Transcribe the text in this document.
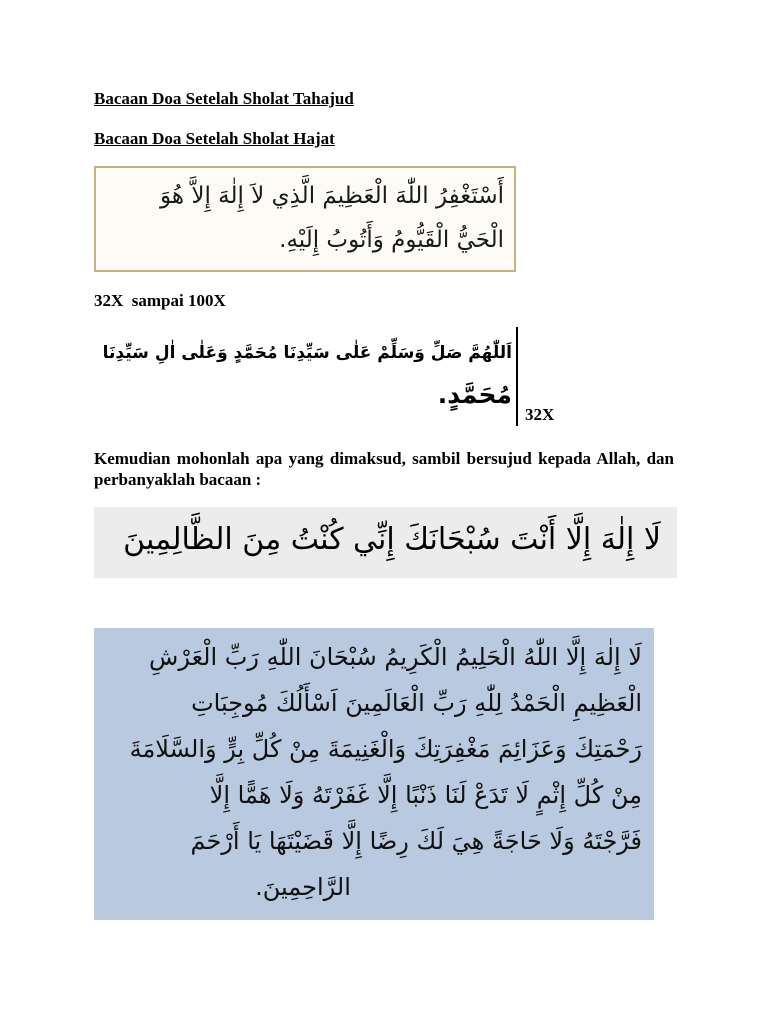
Bacaan Doa Setelah Sholat Tahajud

Bacaan Doa Setelah Sholat Hajat

أَسْتَغْفِرُ اللّٰهَ الْعَظِيمَ الَّذِي لاَ إِلٰهَ إِلاَّ هُوَ

الْحَيُّ الْقَيُّومُ وَأَتُوبُ إِلَيْهِ.

32X  sampai 100X

اَللّٰهُمَّ صَلِّ وَسَلِّمْ عَلٰى سَيِّدِنَا مُحَمَّدٍ وَعَلٰى اٰلِ سَيِّدِنَا

مُحَمَّدٍ.

32X

Kemudian mohonlah apa yang dimaksud, sambil bersujud kepada Allah, dan perbanyaklah bacaan :

لَا إِلٰهَ إِلَّا أَنْتَ سُبْحَانَكَ إِنِّي كُنْتُ مِنَ الظَّالِمِينَ

لَا إِلٰهَ إِلَّا اللّٰهُ الْحَلِيمُ الْكَرِيمُ سُبْحَانَ اللّٰهِ رَبِّ الْعَرْشِ

الْعَظِيمِ الْحَمْدُ لِلّٰهِ رَبِّ الْعَالَمِينَ اَسْأَلُكَ مُوجِبَاتِ

رَحْمَتِكَ وَعَزَائِمَ مَغْفِرَتِكَ وَالْغَنِيمَةَ مِنْ كُلِّ بِرٍّ وَالسَّلَامَةَ

مِنْ كُلِّ إِثْمٍ لَا تَدَعْ لَنَا ذَنْبًا إِلَّا غَفَرْتَهُ وَلَا هَمًّا إِلَّا

فَرَّجْتَهُ وَلَا حَاجَةً هِيَ لَكَ رِضًا إِلَّا قَضَيْتَهَا يَا أَرْحَمَ

الرَّاحِمِينَ.
